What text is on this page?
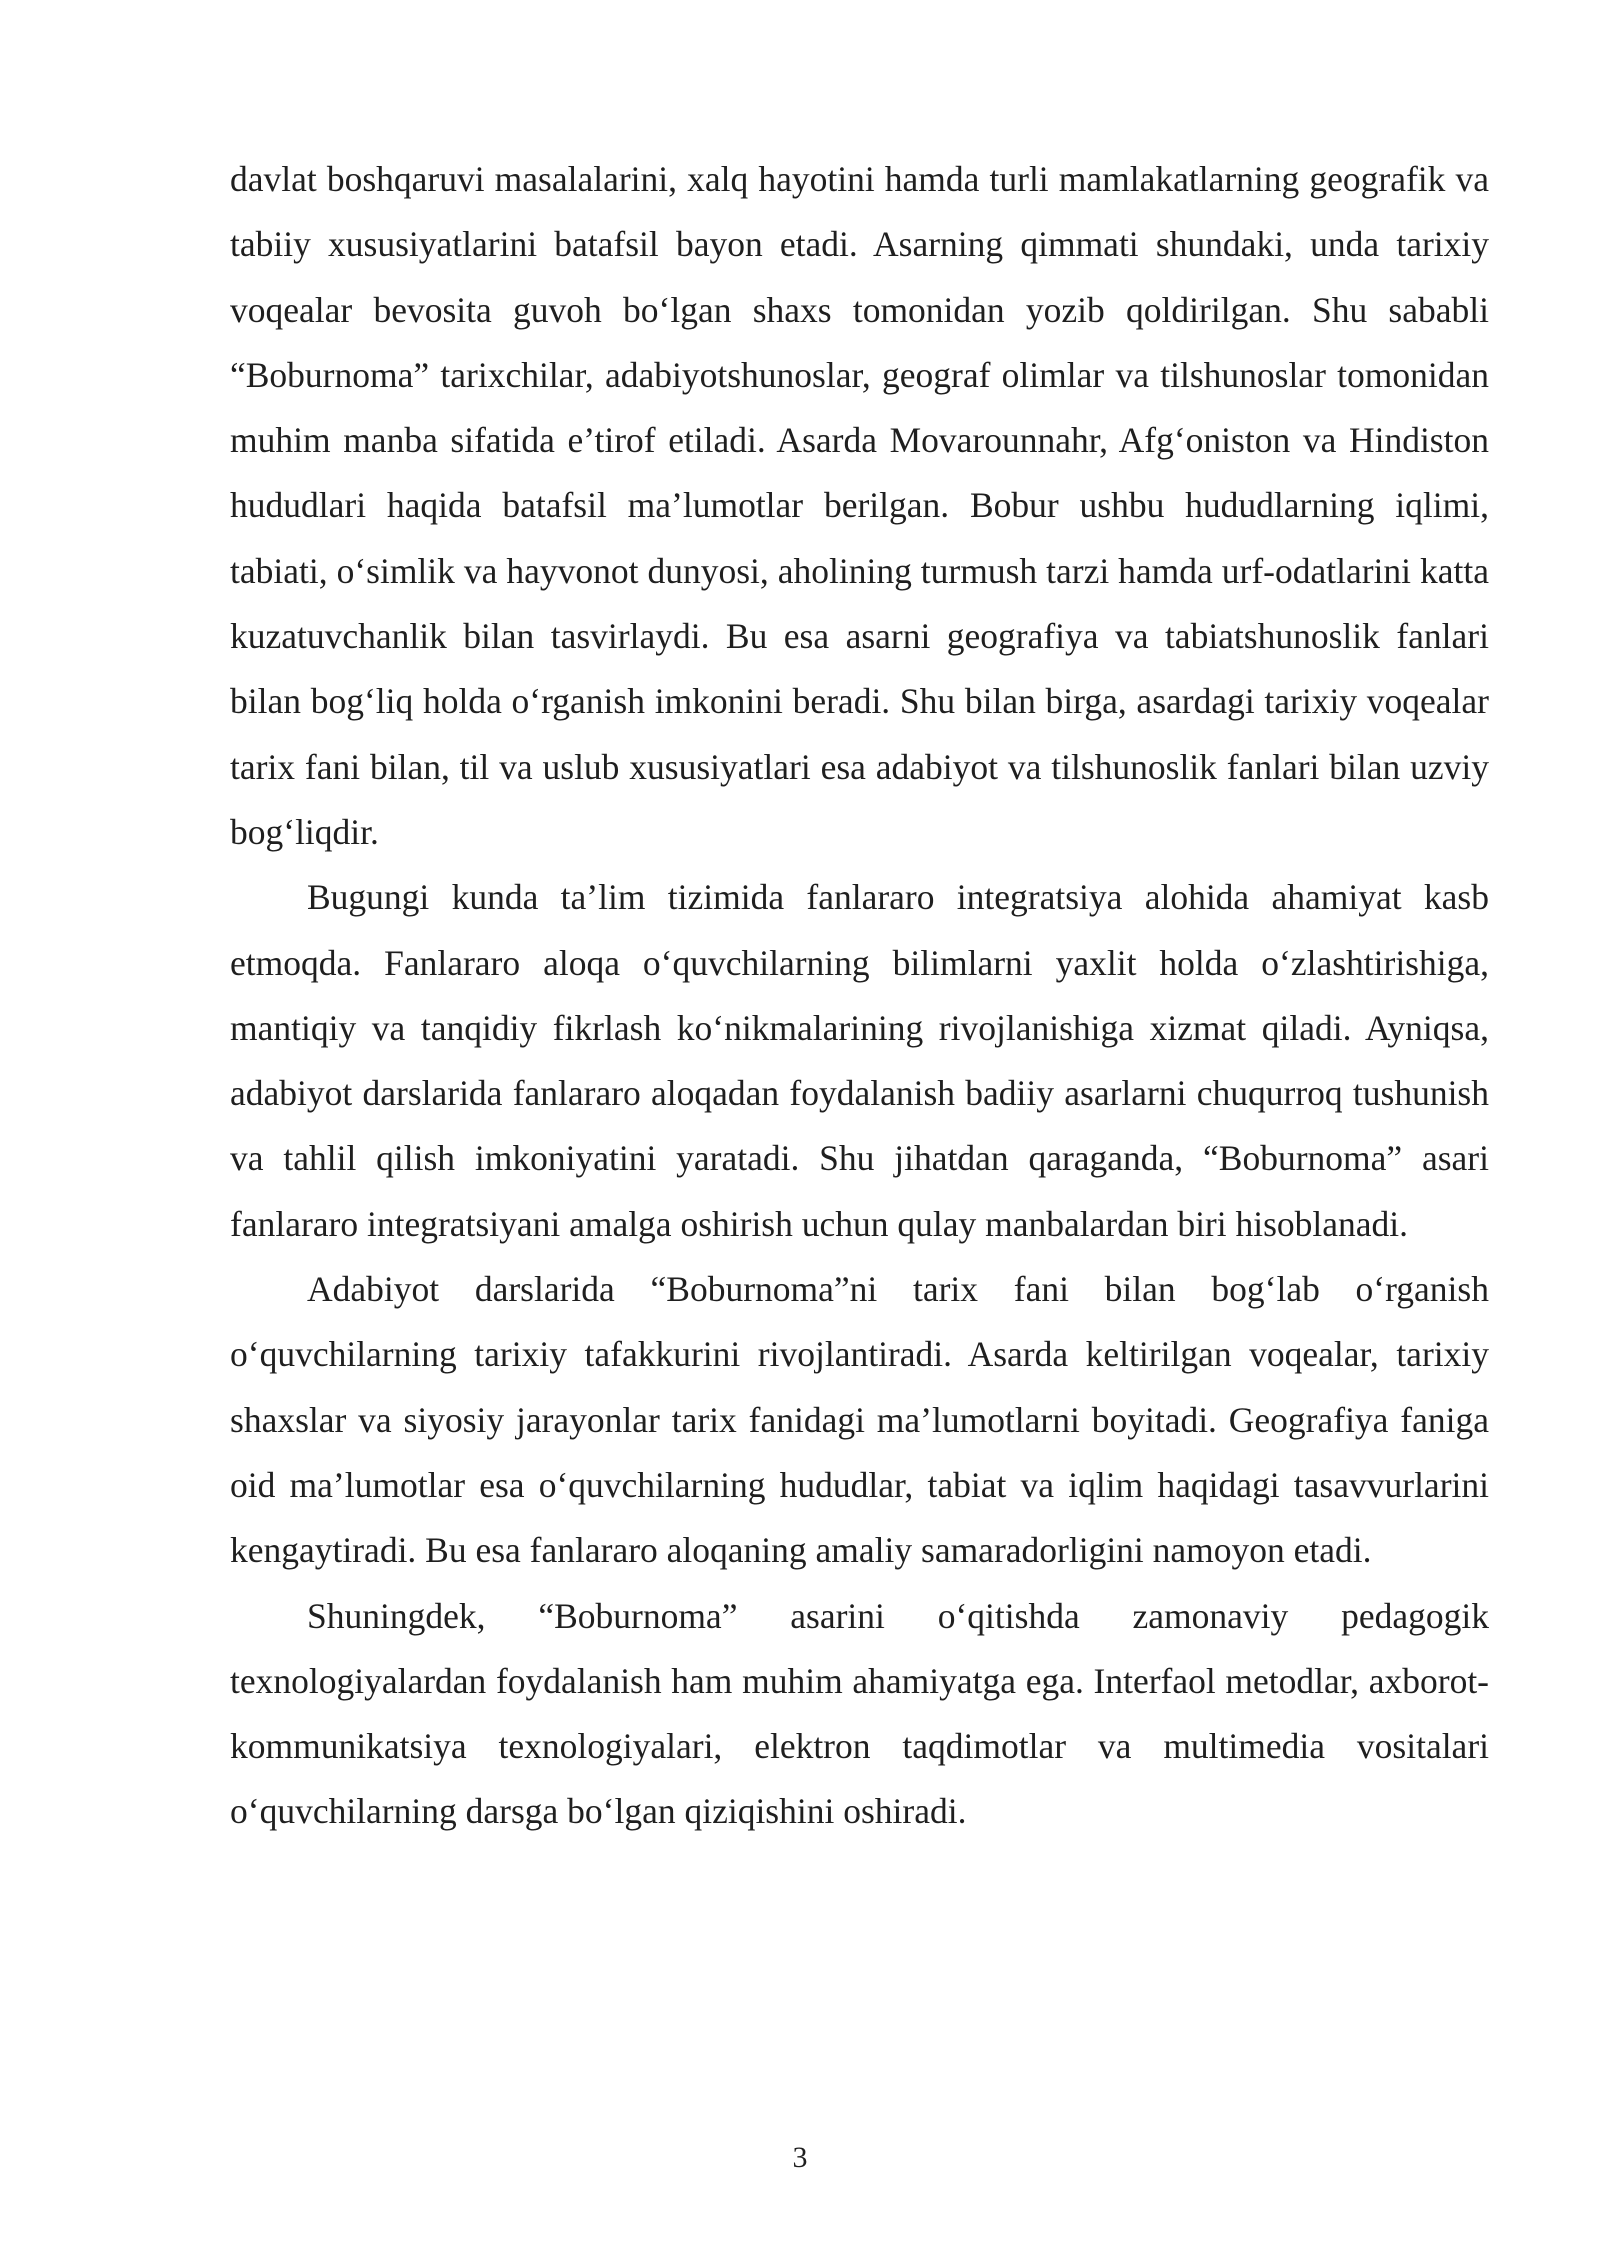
davlat boshqaruvi masalalarini, xalq hayotini hamda turli mamlakatlarning geografik va tabiiy xususiyatlarini batafsil bayon etadi. Asarning qimmati shundaki, unda tarixiy voqealar bevosita guvoh bo‘lgan shaxs tomonidan yozib qoldirilgan. Shu sababli “Boburnoma” tarixchilar, adabiyotshunoslar, geograf olimlar va tilshunoslar tomonidan muhim manba sifatida e’tirof etiladi. Asarda Movarounnahr, Afg‘oniston va Hindiston hududlari haqida batafsil ma’lumotlar berilgan. Bobur ushbu hududlarning iqlimi, tabiati, o‘simlik va hayvonot dunyosi, aholining turmush tarzi hamda urf-odatlarini katta kuzatuvchanlik bilan tasvirlaydi. Bu esa asarni geografiya va tabiatshunoslik fanlari bilan bog‘liq holda o‘rganish imkonini beradi. Shu bilan birga, asardagi tarixiy voqealar tarix fani bilan, til va uslub xususiyatlari esa adabiyot va tilshunoslik fanlari bilan uzviy bog‘liqdir.

Bugungi kunda ta’lim tizimida fanlararo integratsiya alohida ahamiyat kasb etmoqda. Fanlararo aloqa o‘quvchilarning bilimlarni yaxlit holda o‘zlashtirishiga, mantiqiy va tanqidiy fikrlash ko‘nikmalarining rivojlanishiga xizmat qiladi. Ayniqsa, adabiyot darslarida fanlararo aloqadan foydalanish badiiy asarlarni chuqurroq tushunish va tahlil qilish imkoniyatini yaratadi. Shu jihatdan qaraganda, “Boburnoma” asari fanlararo integratsiyani amalga oshirish uchun qulay manbalardan biri hisoblanadi.

Adabiyot darslarida “Boburnoma”ni tarix fani bilan bog‘lab o‘rganish o‘quvchilarning tarixiy tafakkurini rivojlantiradi. Asarda keltirilgan voqealar, tarixiy shaxslar va siyosiy jarayonlar tarix fanidagi ma’lumotlarni boyitadi. Geografiya faniga oid ma’lumotlar esa o‘quvchilarning hududlar, tabiat va iqlim haqidagi tasavvurlarini kengaytiradi. Bu esa fanlararo aloqaning amaliy samaradorligini namoyon etadi.

Shuningdek, “Boburnoma” asarini o‘qitishda zamonaviy pedagogik texnologiyalardan foydalanish ham muhim ahamiyatga ega. Interfaol metodlar, axborot-kommunikatsiya texnologiyalari, elektron taqdimotlar va multimedia vositalari o‘quvchilarning darsga bo‘lgan qiziqishini oshiradi.

3
